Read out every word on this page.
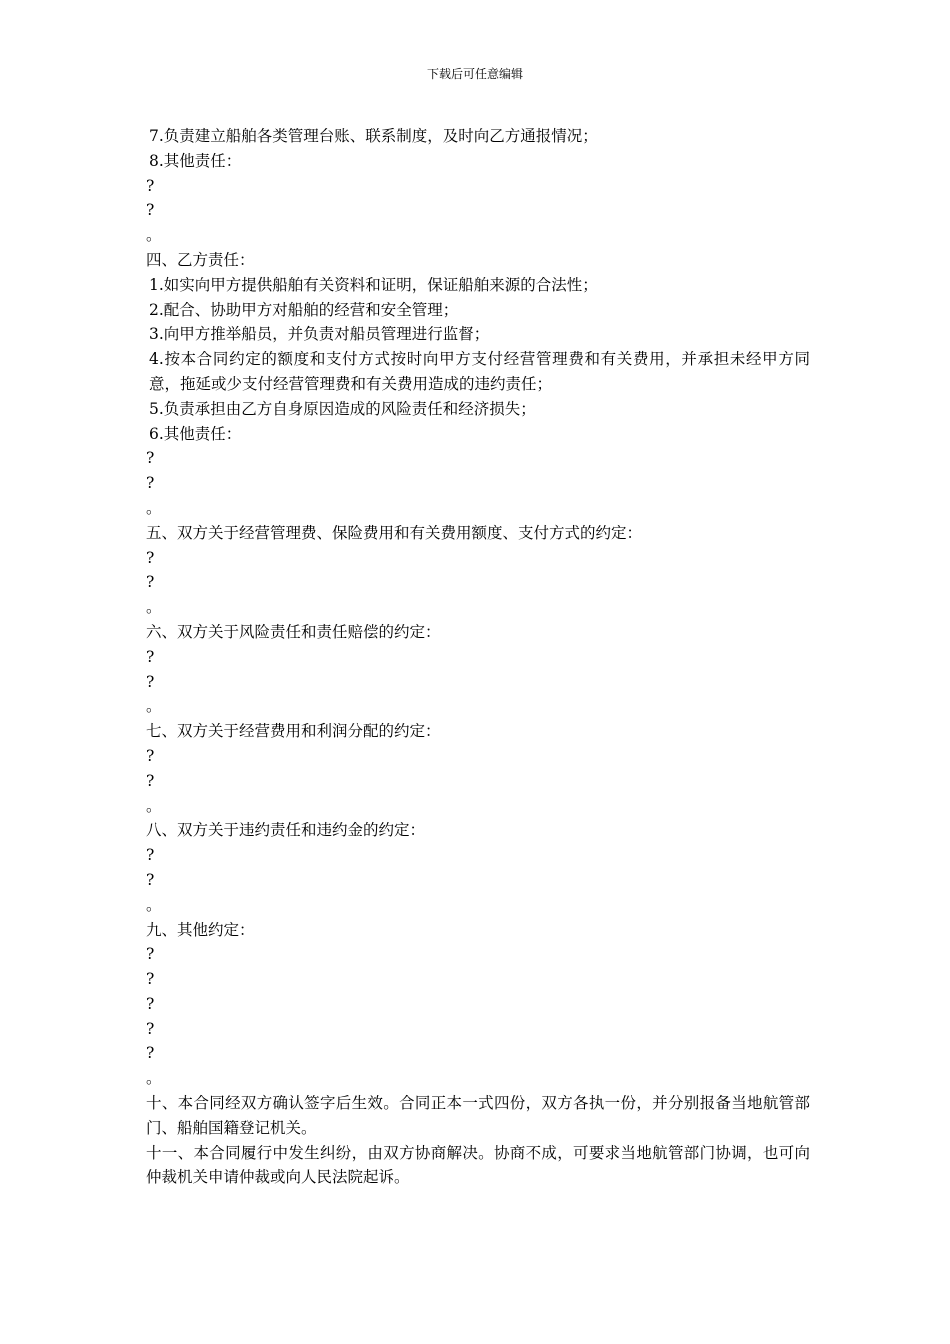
下载后可任意编辑
7.负责建立船舶各类管理台账、联系制度，及时向乙方通报情况；
8.其他责任：
?
?
。
四、乙方责任：
1.如实向甲方提供船舶有关资料和证明，保证船舶来源的合法性；
2.配合、协助甲方对船舶的经营和安全管理；
3.向甲方推举船员，并负责对船员管理进行监督；
4.按本合同约定的额度和支付方式按时向甲方支付经营管理费和有关费用，并承担未经甲方同意，拖延或少支付经营管理费和有关费用造成的违约责任；
5.负责承担由乙方自身原因造成的风险责任和经济损失；
6.其他责任：
?
?
。
五、双方关于经营管理费、保险费用和有关费用额度、支付方式的约定：
?
?
。
六、双方关于风险责任和责任赔偿的约定：
?
?
。
七、双方关于经营费用和利润分配的约定：
?
?
。
八、双方关于违约责任和违约金的约定：
?
?
。
九、其他约定：
?
?
?
?
?
。
十、本合同经双方确认签字后生效。合同正本一式四份，双方各执一份，并分别报备当地航管部门、船舶国籍登记机关。
十一、本合同履行中发生纠纷，由双方协商解决。协商不成，可要求当地航管部门协调，也可向仲裁机关申请仲裁或向人民法院起诉。
